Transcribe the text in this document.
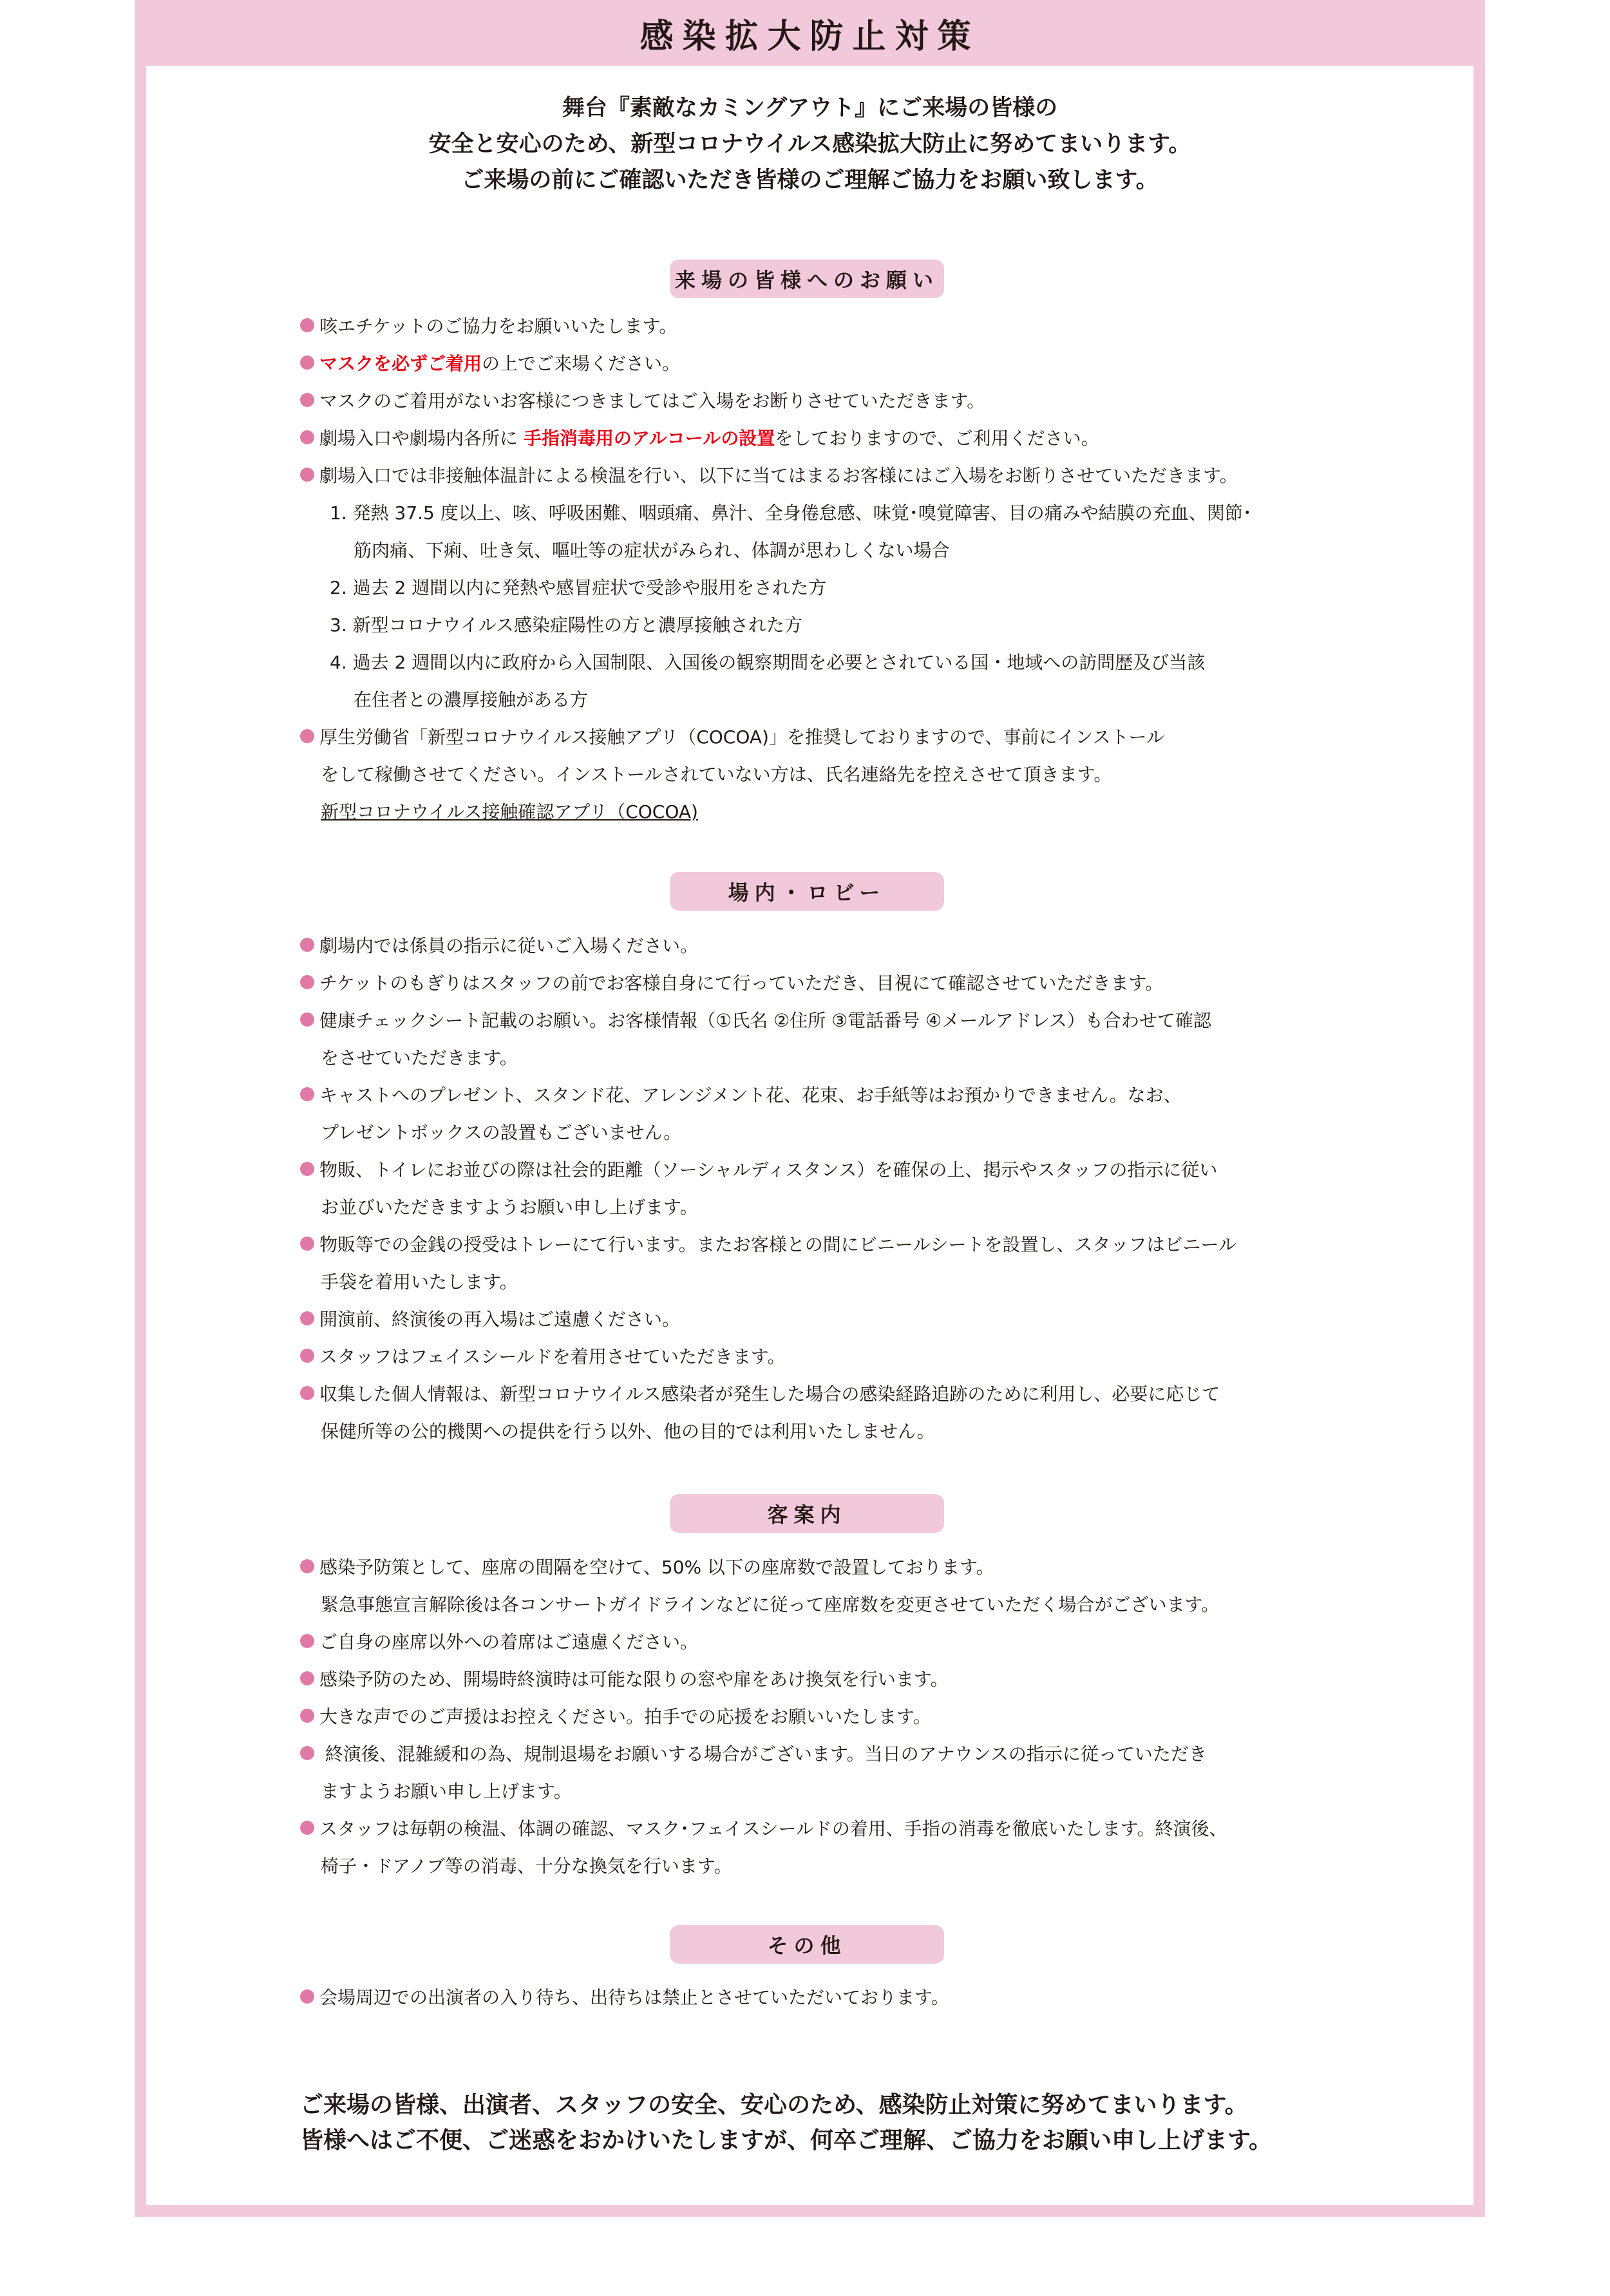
感染拡大防止対策

舞台『素敵なカミングアウト』にご来場の皆様の

安全と安心のため、新型コロナウイルス感染拡大防止に努めてまいります。

ご来場の前にご確認いただき皆様のご理解ご協力をお願い致します。

来場の皆様へのお願い

咳エチケットのご協力をお願いいたします。

マスクを必ずご着用の上でご来場ください。

マスクのご着用がないお客様につきましてはご入場をお断りさせていただきます。

劇場入口や劇場内各所に 手指消毒用のアルコールの設置をしておりますので、ご利用ください。

劇場入口では非接触体温計による検温を行い、以下に当てはまるお客様にはご入場をお断りさせていただきます。

1. 発熱 37.5 度以上、咳、呼吸困難、咽頭痛、鼻汁、全身倦怠感、味覚･嗅覚障害、目の痛みや結膜の充血、関節･

筋肉痛、下痢、吐き気、嘔吐等の症状がみられ、体調が思わしくない場合

2. 過去 2 週間以内に発熱や感冒症状で受診や服用をされた方

3. 新型コロナウイルス感染症陽性の方と濃厚接触された方

4. 過去 2 週間以内に政府から入国制限、入国後の観察期間を必要とされている国・地域への訪問歴及び当該

在住者との濃厚接触がある方

厚生労働省「新型コロナウイルス接触アプリ（COCOA)」を推奨しておりますので、事前にインストール

をして稼働させてください。インストールされていない方は、氏名連絡先を控えさせて頂きます。

新型コロナウイルス接触確認アプリ（COCOA)

場内・ロビー

劇場内では係員の指示に従いご入場ください。

チケットのもぎりはスタッフの前でお客様自身にて行っていただき、目視にて確認させていただきます。

健康チェックシート記載のお願い。お客様情報（①氏名 ②住所 ③電話番号 ④メールアドレス）も合わせて確認

をさせていただきます。

キャストへのプレゼント、スタンド花、アレンジメント花、花束、お手紙等はお預かりできません。なお、

プレゼントボックスの設置もございません。

物販、トイレにお並びの際は社会的距離（ソーシャルディスタンス）を確保の上、掲示やスタッフの指示に従い

お並びいただきますようお願い申し上げます。

物販等での金銭の授受はトレーにて行います。またお客様との間にビニールシートを設置し、スタッフはビニール

手袋を着用いたします。

開演前、終演後の再入場はご遠慮ください。

スタッフはフェイスシールドを着用させていただきます。

収集した個人情報は、新型コロナウイルス感染者が発生した場合の感染経路追跡のために利用し、必要に応じて

保健所等の公的機関への提供を行う以外、他の目的では利用いたしません。

客案内

感染予防策として、座席の間隔を空けて、50% 以下の座席数で設置しております。

緊急事態宣言解除後は各コンサートガイドラインなどに従って座席数を変更させていただく場合がございます。

ご自身の座席以外への着席はご遠慮ください。

感染予防のため、開場時終演時は可能な限りの窓や扉をあけ換気を行います。

大きな声でのご声援はお控えください。拍手での応援をお願いいたします。

終演後、混雑緩和の為、規制退場をお願いする場合がございます。当日のアナウンスの指示に従っていただき

ますようお願い申し上げます。

スタッフは毎朝の検温、体調の確認、マスク･フェイスシールドの着用、手指の消毒を徹底いたします。終演後、

椅子・ドアノブ等の消毒、十分な換気を行います。

その他

会場周辺での出演者の入り待ち、出待ちは禁止とさせていただいております。

ご来場の皆様、出演者、スタッフの安全、安心のため、感染防止対策に努めてまいります。

皆様へはご不便、ご迷惑をおかけいたしますが、何卒ご理解、ご協力をお願い申し上げます。
